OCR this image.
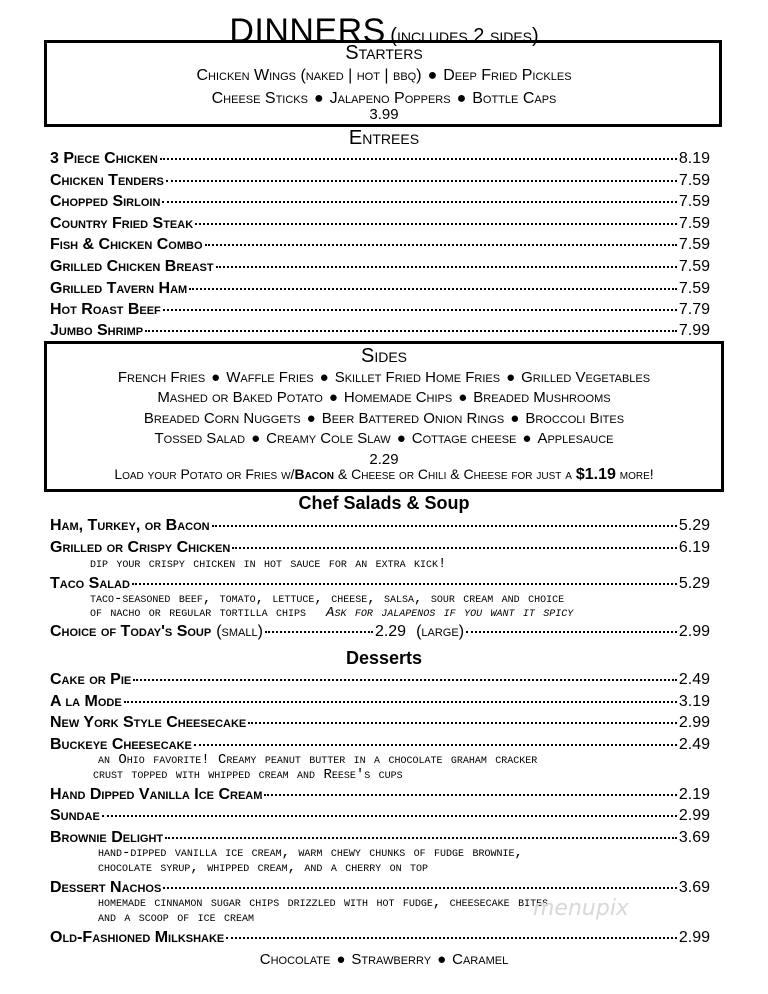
DINNERS (includes 2 sides)
Starters
Chicken Wings (naked | hot | bbq) ● Deep Fried Pickles
Cheese Sticks ● Jalapeno Poppers ● Bottle Caps
3.99
Entrees
3 Piece Chicken	8.19
Chicken Tenders	7.59
Chopped Sirloin	7.59
Country Fried Steak	7.59
Fish & Chicken Combo	7.59
Grilled Chicken Breast	7.59
Grilled Tavern Ham	7.59
Hot Roast Beef	7.79
Jumbo Shrimp	7.99
Sides
French Fries ● Waffle Fries ● Skillet Fried Home Fries ● Grilled Vegetables
Mashed or Baked Potato ● Homemade Chips ● Breaded Mushrooms
Breaded Corn Nuggets ● Beer Battered Onion Rings ● Broccoli Bites
Tossed Salad ● Creamy Cole Slaw ● Cottage cheese ● Applesauce
2.29
Load your Potato or Fries w/Bacon & Cheese or Chili & Cheese for just a $1.19 more!
Chef Salads & Soup
Ham, Turkey, or Bacon	5.29
Grilled or Crispy Chicken	6.19
dip your crispy chicken in hot sauce for an extra kick!
Taco Salad	5.29
taco-seasoned beef, tomato, lettuce, cheese, salsa, sour cream and choice
of nacho or regular tortilla chips Ask for jalapenos if you want it spicy
Choice of Today's Soup (small)	2.29 (large)	2.99
Desserts
Cake or Pie	2.49
A la Mode	3.19
New York Style Cheesecake	2.99
Buckeye Cheesecake	2.49
an Ohio favorite! Creamy peanut butter in a chocolate graham cracker
crust topped with whipped cream and Reese's cups
Hand Dipped Vanilla Ice Cream	2.19
Sundae	2.99
Brownie Delight	3.69
hand-dipped vanilla ice cream, warm chewy chunks of fudge brownie,
chocolate syrup, whipped cream, and a cherry on top
Dessert Nachos	3.69
homemade cinnamon sugar chips drizzled with hot fudge, cheesecake bites
and a scoop of ice cream
Old-Fashioned Milkshake	2.99
Chocolate ● Strawberry ● Caramel
menupix
